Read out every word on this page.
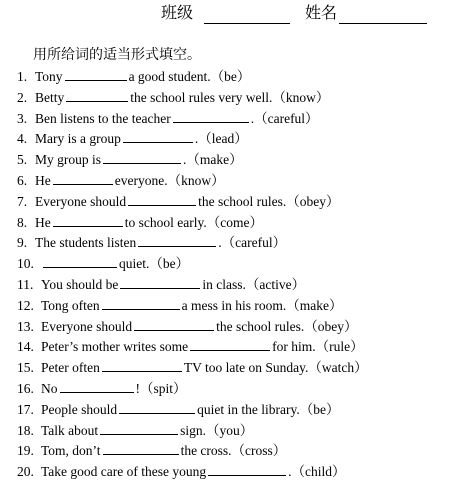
班级	姓名
用所给词的适当形式填空。
1. Tony	a good student.（be）
2. Betty	the school rules very well.（know）
3. Ben listens to the teacher	.（careful）
4. Mary is a group	.（lead）
5. My group is	.（make）
6. He	everyone.（know）
7. Everyone should	the school rules.（obey）
8. He	to school early.（come）
9. The students listen	.（careful）
10.	quiet.（be）
11. You should be	in class.（active）
12. Tong often	a mess in his room.（make）
13. Everyone should	the school rules.（obey）
14. Peter’s mother writes some	for him.（rule）
15. Peter often	TV too late on Sunday.（watch）
16. No	!（spit）
17. People should	quiet in the library.（be）
18. Talk about	sign.（you）
19. Tom, don’t	the cross.（cross）
20. Take good care of these young	.（child）
